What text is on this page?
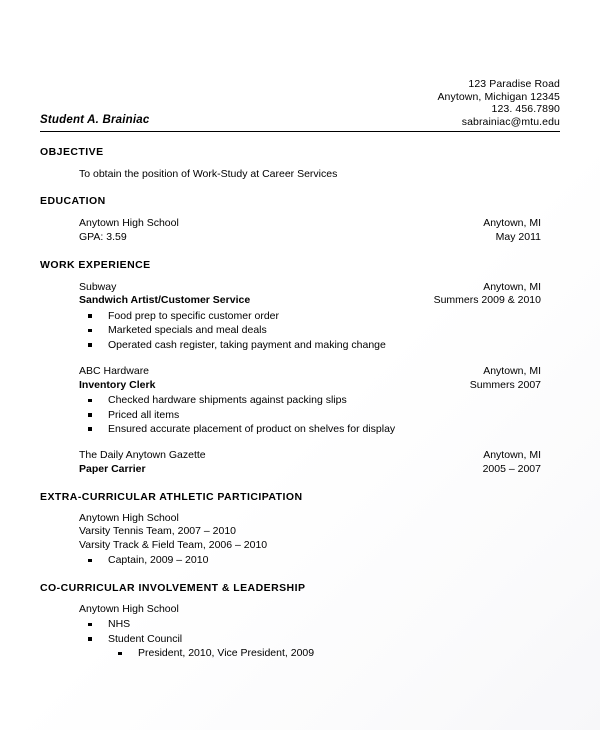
123 Paradise Road
Anytown, Michigan 12345
123. 456.7890
sabrainiac@mtu.edu
Student A. Brainiac
OBJECTIVE

To obtain the position of Work-Study at Career Services

EDUCATION
Anytown High School	Anytown, MI
GPA: 3.59	May 2011
WORK EXPERIENCE
Subway	Anytown, MI
Sandwich Artist/Customer Service	Summers 2009 & 2010
Food prep to specific customer order
Marketed specials and meal deals
Operated cash register, taking payment and making change
ABC Hardware	Anytown, MI
Inventory Clerk	Summers 2007
Checked hardware shipments against packing slips
Priced all items
Ensured accurate placement of product on shelves for display
The Daily Anytown Gazette	Anytown, MI
Paper Carrier	2005 – 2007
EXTRA-CURRICULAR ATHLETIC PARTICIPATION

Anytown High School

Varsity Tennis Team, 2007 – 2010

Varsity Track & Field Team, 2006 – 2010

Captain, 2009 – 2010
CO-CURRICULAR INVOLVEMENT & LEADERSHIP

Anytown High School

NHS
Student Council
President, 2010, Vice President, 2009
